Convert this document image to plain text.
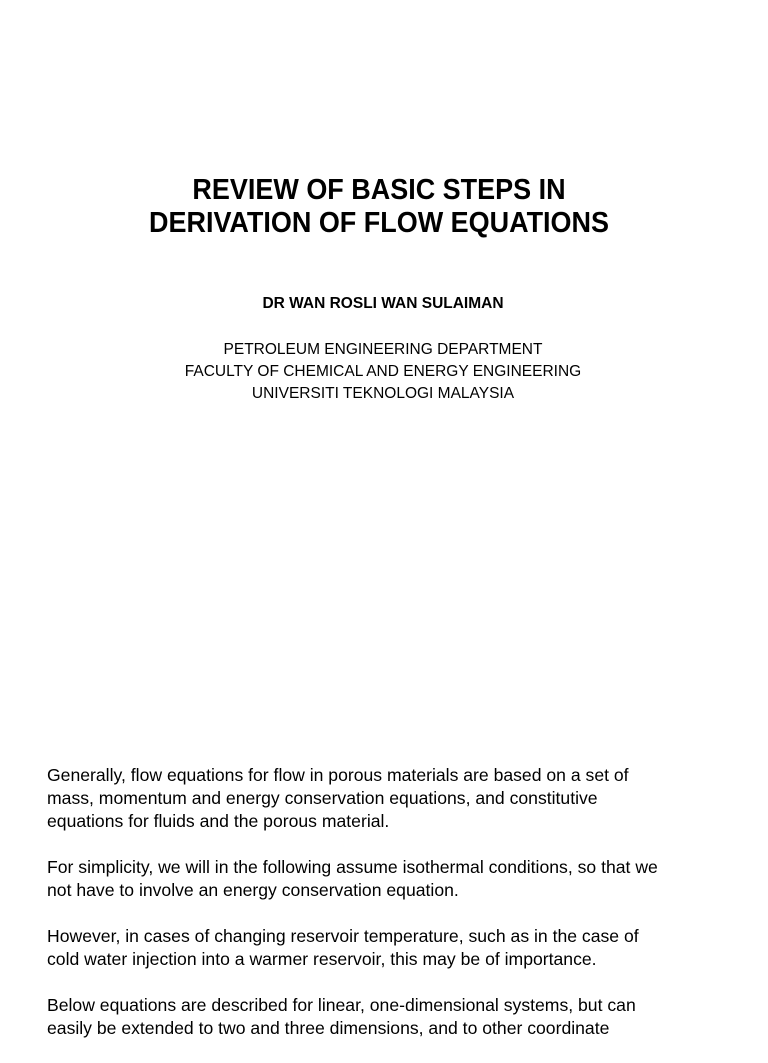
REVIEW OF BASIC STEPS IN
DERIVATION OF FLOW EQUATIONS

DR WAN ROSLI WAN SULAIMAN

PETROLEUM ENGINEERING DEPARTMENT
FACULTY OF CHEMICAL AND ENERGY ENGINEERING
UNIVERSITI TEKNOLOGI MALAYSIA

Generally, flow equations for flow in porous materials are based on a set of
mass, momentum and energy conservation equations, and constitutive
equations for fluids and the porous material.

For simplicity, we will in the following assume isothermal conditions, so that we
not have to involve an energy conservation equation.

However, in cases of changing reservoir temperature, such as in the case of
cold water injection into a warmer reservoir, this may be of importance.

Below equations are described for linear, one-dimensional systems, but can
easily be extended to two and three dimensions, and to other coordinate
